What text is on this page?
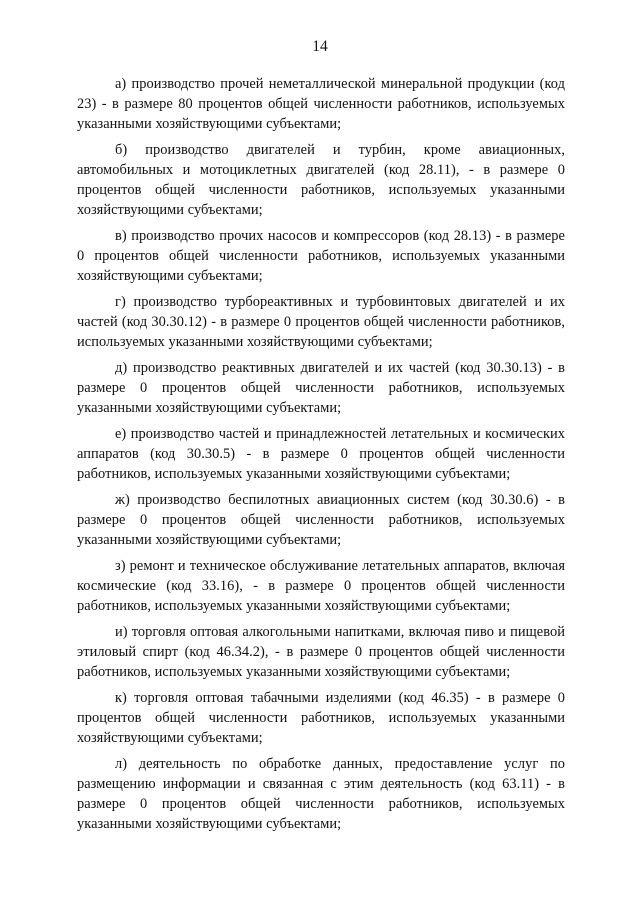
14

а) производство прочей неметаллической минеральной продукции (код 23) - в размере 80 процентов общей численности работников, используемых указанными хозяйствующими субъектами;

б) производство двигателей и турбин, кроме авиационных, автомобильных и мотоциклетных двигателей (код 28.11), - в размере 0 процентов общей численности работников, используемых указанными хозяйствующими субъектами;

в) производство прочих насосов и компрессоров (код 28.13) - в размере 0 процентов общей численности работников, используемых указанными хозяйствующими субъектами;

г) производство турбореактивных и турбовинтовых двигателей и их частей (код 30.30.12) - в размере 0 процентов общей численности работников, используемых указанными хозяйствующими субъектами;

д) производство реактивных двигателей и их частей (код 30.30.13) - в размере 0 процентов общей численности работников, используемых указанными хозяйствующими субъектами;

е) производство частей и принадлежностей летательных и космических аппаратов (код 30.30.5) - в размере 0 процентов общей численности работников, используемых указанными хозяйствующими субъектами;

ж) производство беспилотных авиационных систем (код 30.30.6) - в размере 0 процентов общей численности работников, используемых указанными хозяйствующими субъектами;

з) ремонт и техническое обслуживание летательных аппаратов, включая космические (код 33.16), - в размере 0 процентов общей численности работников, используемых указанными хозяйствующими субъектами;

и) торговля оптовая алкогольными напитками, включая пиво и пищевой этиловый спирт (код 46.34.2), - в размере 0 процентов общей численности работников, используемых указанными хозяйствующими субъектами;

к) торговля оптовая табачными изделиями (код 46.35) - в размере 0 процентов общей численности работников, используемых указанными хозяйствующими субъектами;

л) деятельность по обработке данных, предоставление услуг по размещению информации и связанная с этим деятельность (код 63.11) - в размере 0 процентов общей численности работников, используемых указанными хозяйствующими субъектами;
